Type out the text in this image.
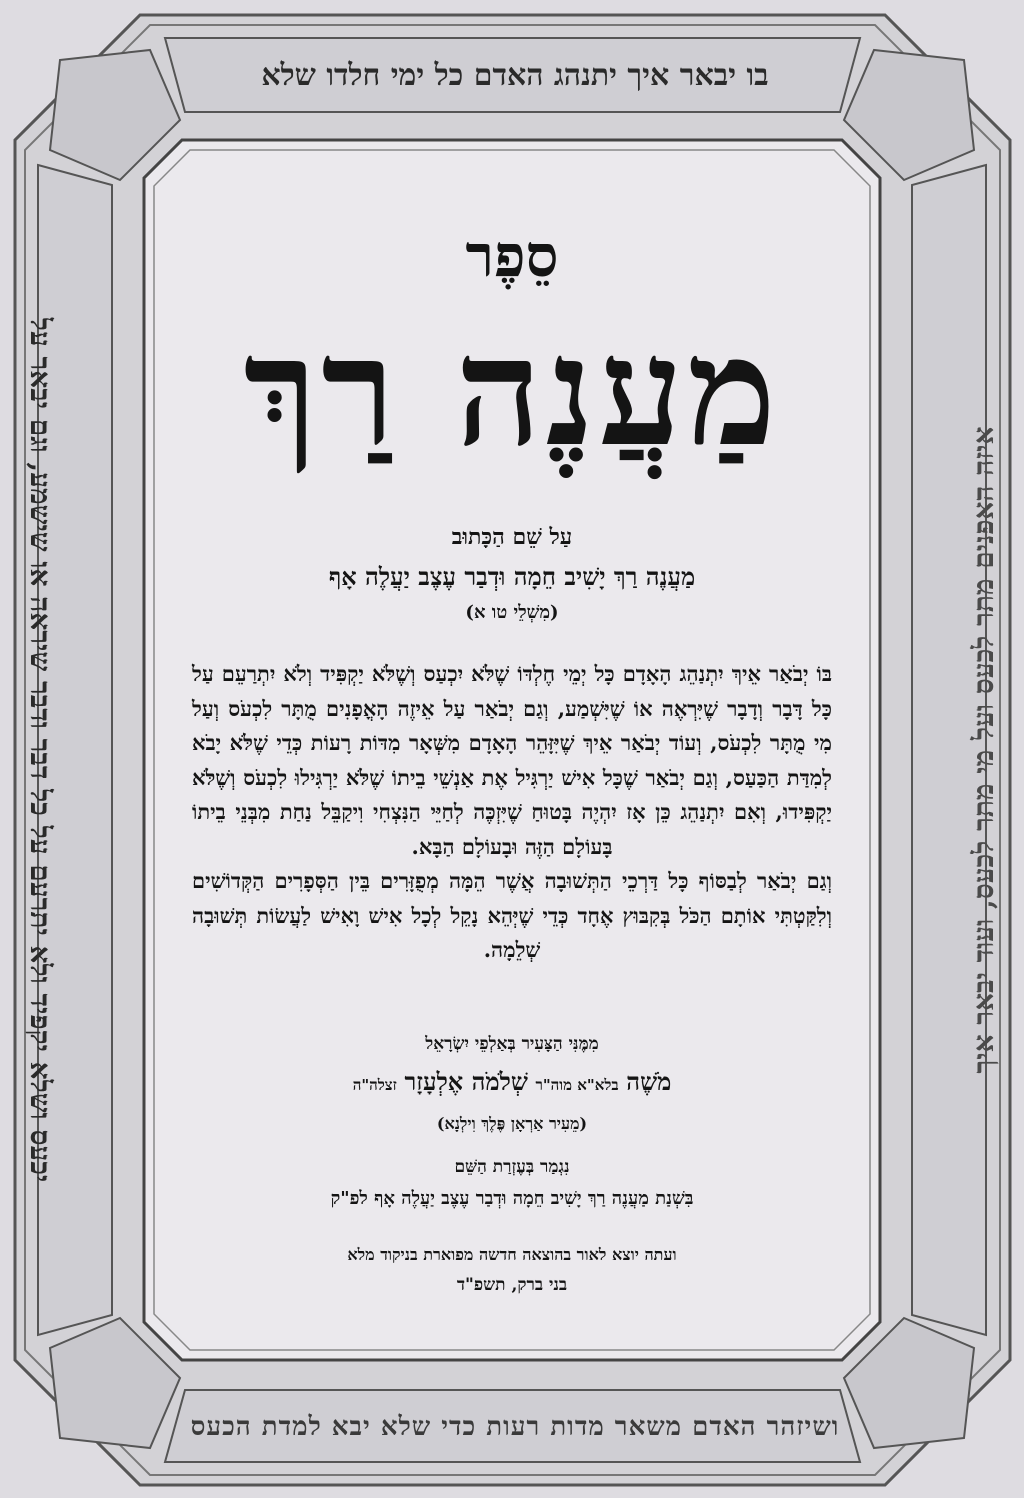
בו יבאר איך יתנהג האדם כל ימי חלדו שלא
ושיזהר האדם משאר מדות רעות כדי שלא יבא למדת הכעס
יכעס ושלא יקפיד ולא יתרעם על כל דבר ודבר שיראה או שישמע, וגם יבאר על	איזה האפנים מתר לכעס ועל מי מתר לכעס, ועוד יבאר איך
סֵפֶר
מַעֲנֶה רַךְ
עַל שֵׁם הַכָּתוּב
מַעֲנֶה רַךְ יָשִׁיב חֵמָה וּדְבַר עֶצֶב יַעֲלֶה אָף
(מִשְׁלֵי טו א)

בּוֹ יְבֹאַר אֵיךְ יִתְנַהֵג הָאָדָם כָּל יְמֵי חֶלְדּוֹ שֶׁלֹּא יִכְעַס וְשֶׁלֹּא יַקְפִּיד וְלֹא יִתְרַעֵם עַל כָּל דָּבָר וְדָבָר שֶׁיִּרְאֶה אוֹ שֶׁיִּשְׁמַע, וְגַם יְבֹאַר עַל אֵיזֶה הָאֳפָנִים מֻתָּר לִכְעֹס וְעַל מִי מֻתָּר לִכְעֹס, וְעוֹד יְבֹאַר אֵיךְ שֶׁיִּזָּהֵר הָאָדָם מִשְּׁאָר מִדּוֹת רָעוֹת כְּדֵי שֶׁלֹּא יָבֹא לְמִדַּת הַכַּעַס, וְגַם יְבֹאַר שֶׁכָּל אִישׁ יַרְגִּיל אֶת אַנְשֵׁי בֵיתוֹ שֶׁלֹּא יַרְגִּילוּ לִכְעֹס וְשֶׁלֹּא יַקְפִּידוּ, וְאִם יִתְנַהֵג כֵּן אָז יִהְיֶה בָּטוּחַ שֶׁיִּזְכֶּה לְחַיֵּי הַנִּצְחִי וִיקַבֵּל נַחַת מִבְּנֵי בֵיתוֹ בָּעוֹלָם הַזֶּה וּבָעוֹלָם הַבָּא.

וְגַם יְבֹאַר לְבַסּוֹף כָּל דַּרְכֵי הַתְּשׁוּבָה אֲשֶׁר הֵמָּה מְפֻזָּרִים בֵּין הַסְּפָרִים הַקְּדוֹשִׁים וְלִקַּטְתִּי אוֹתָם הַכֹּל בְּקִבּוּץ אֶחָד כְּדֵי שֶׁיְּהֵא נָקֵל לְכָל אִישׁ וָאִישׁ לַעֲשׂוֹת תְּשׁוּבָה שְׁלֵמָה.

מִמֶּנִּי הַצָּעִיר בְּאַלְפֵי יִשְׂרָאֵל
מֹשֶׁה בלא"א מוה"ר שְׁלֹמֹה אֶלְעָזָר זצלה"ה
(מֵעִיר אַרְאָן פֶּלֶךְ וִילְנָא)
נִגְמַר בְּעֶזְרַת הַשֵּׁם
בִּשְׁנַת מַעֲנֶה רַךְ יָשִׁיב חֵמָה וּדְבַר עֶצֶב יַעֲלֶה אָף לפ"ק
ועתה יוצא לאור בהוצאה חדשה מפוארת בניקוד מלא
בני ברק, תשפ"ד
